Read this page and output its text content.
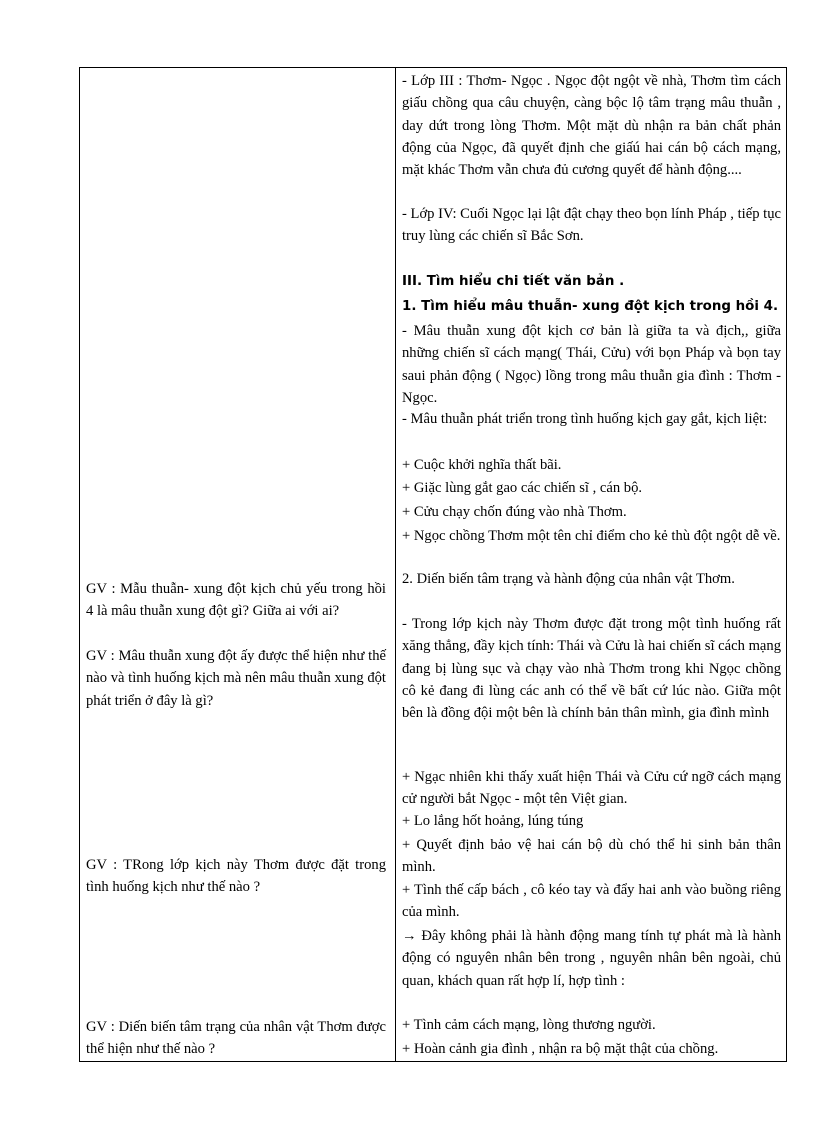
GV : Mẫu thuẫn- xung đột kịch chủ yếu trong hồi 4 là mâu thuẫn xung đột gì? Giữa ai với ai?

GV : Mâu thuẫn xung đột ấy được thể hiện như thế nào và tình huống kịch mà nên mâu thuẫn xung đột phát triển ở đây là gì?

GV : TRong lớp kịch này Thơm được đặt trong tình huống kịch như thế nào ?

GV : Diến biến tâm trạng của nhân vật Thơm được thể hiện như thế nào ?

- Lớp III : Thơm- Ngọc . Ngọc đột ngột về nhà, Thơm tìm cách giấu chồng qua câu chuyện, càng bộc lộ tâm trạng mâu thuẫn , day dứt trong lòng Thơm. Một mặt dù nhận ra bản chất phản động của Ngọc, đã quyết định che giấú hai cán bộ cách mạng, mặt khác Thơm vẫn chưa đủ cương quyết để hành động....

- Lớp IV: Cuối Ngọc lại lật đật chạy theo bọn lính Pháp , tiếp tục truy lùng các chiến sĩ Bắc Sơn.

III. Tìm hiểu chi tiết văn bản .

1. Tìm hiểu mâu thuẫn- xung đột kịch trong hồi 4.

- Mâu thuẫn xung đột kịch cơ bản là giữa ta và địch,, giữa những chiến sĩ cách mạng( Thái, Cửu) với bọn Pháp và bọn tay saui phản động ( Ngọc) lồng trong mâu thuẫn gia đình : Thơm - Ngọc.

- Mâu thuẫn phát triển trong tình huống kịch gay gắt, kịch liệt:

+ Cuộc khởi nghĩa thất bãi.

+ Giặc lùng gắt gao các chiến sĩ , cán bộ.

+ Cửu chạy chốn đúng vào nhà Thơm.

+ Ngọc chồng Thơm một tên chỉ điểm cho kẻ thù đột ngột dễ về.

2. Diến biến tâm trạng và hành động của nhân vật Thơm.

- Trong lớp kịch này Thơm được đặt trong một tình huống rất xăng thẳng, đầy kịch tính: Thái và Cửu là hai chiến sĩ cách mạng đang bị lùng sục và chạy vào nhà Thơm trong khi Ngọc chồng cô kẻ đang đi lùng các anh có thể về bất cứ lúc nào. Giữa một bên là đồng đội một bên là chính bản thân mình, gia đình mình

+ Ngạc nhiên khi thấy xuất hiện Thái và Cửu cứ ngỡ cách mạng cử người bắt Ngọc - một tên Việt gian.

+ Lo lắng hốt hoảng, lúng túng

+ Quyết định bảo vệ hai cán bộ dù chó thể hi sinh bản thân mình.

+ Tình thế cấp bách , cô kéo tay và đẩy hai anh vào buồng riêng của mình.

→ Đây không phải là hành động mang tính tự phát mà là hành động có nguyên nhân bên trong , nguyên nhân bên ngoài, chủ quan, khách quan rất hợp lí, hợp tình :

+ Tình cảm cách mạng, lòng thương người.

+ Hoàn cảnh gia đình , nhận ra bộ mặt thật của chồng.
